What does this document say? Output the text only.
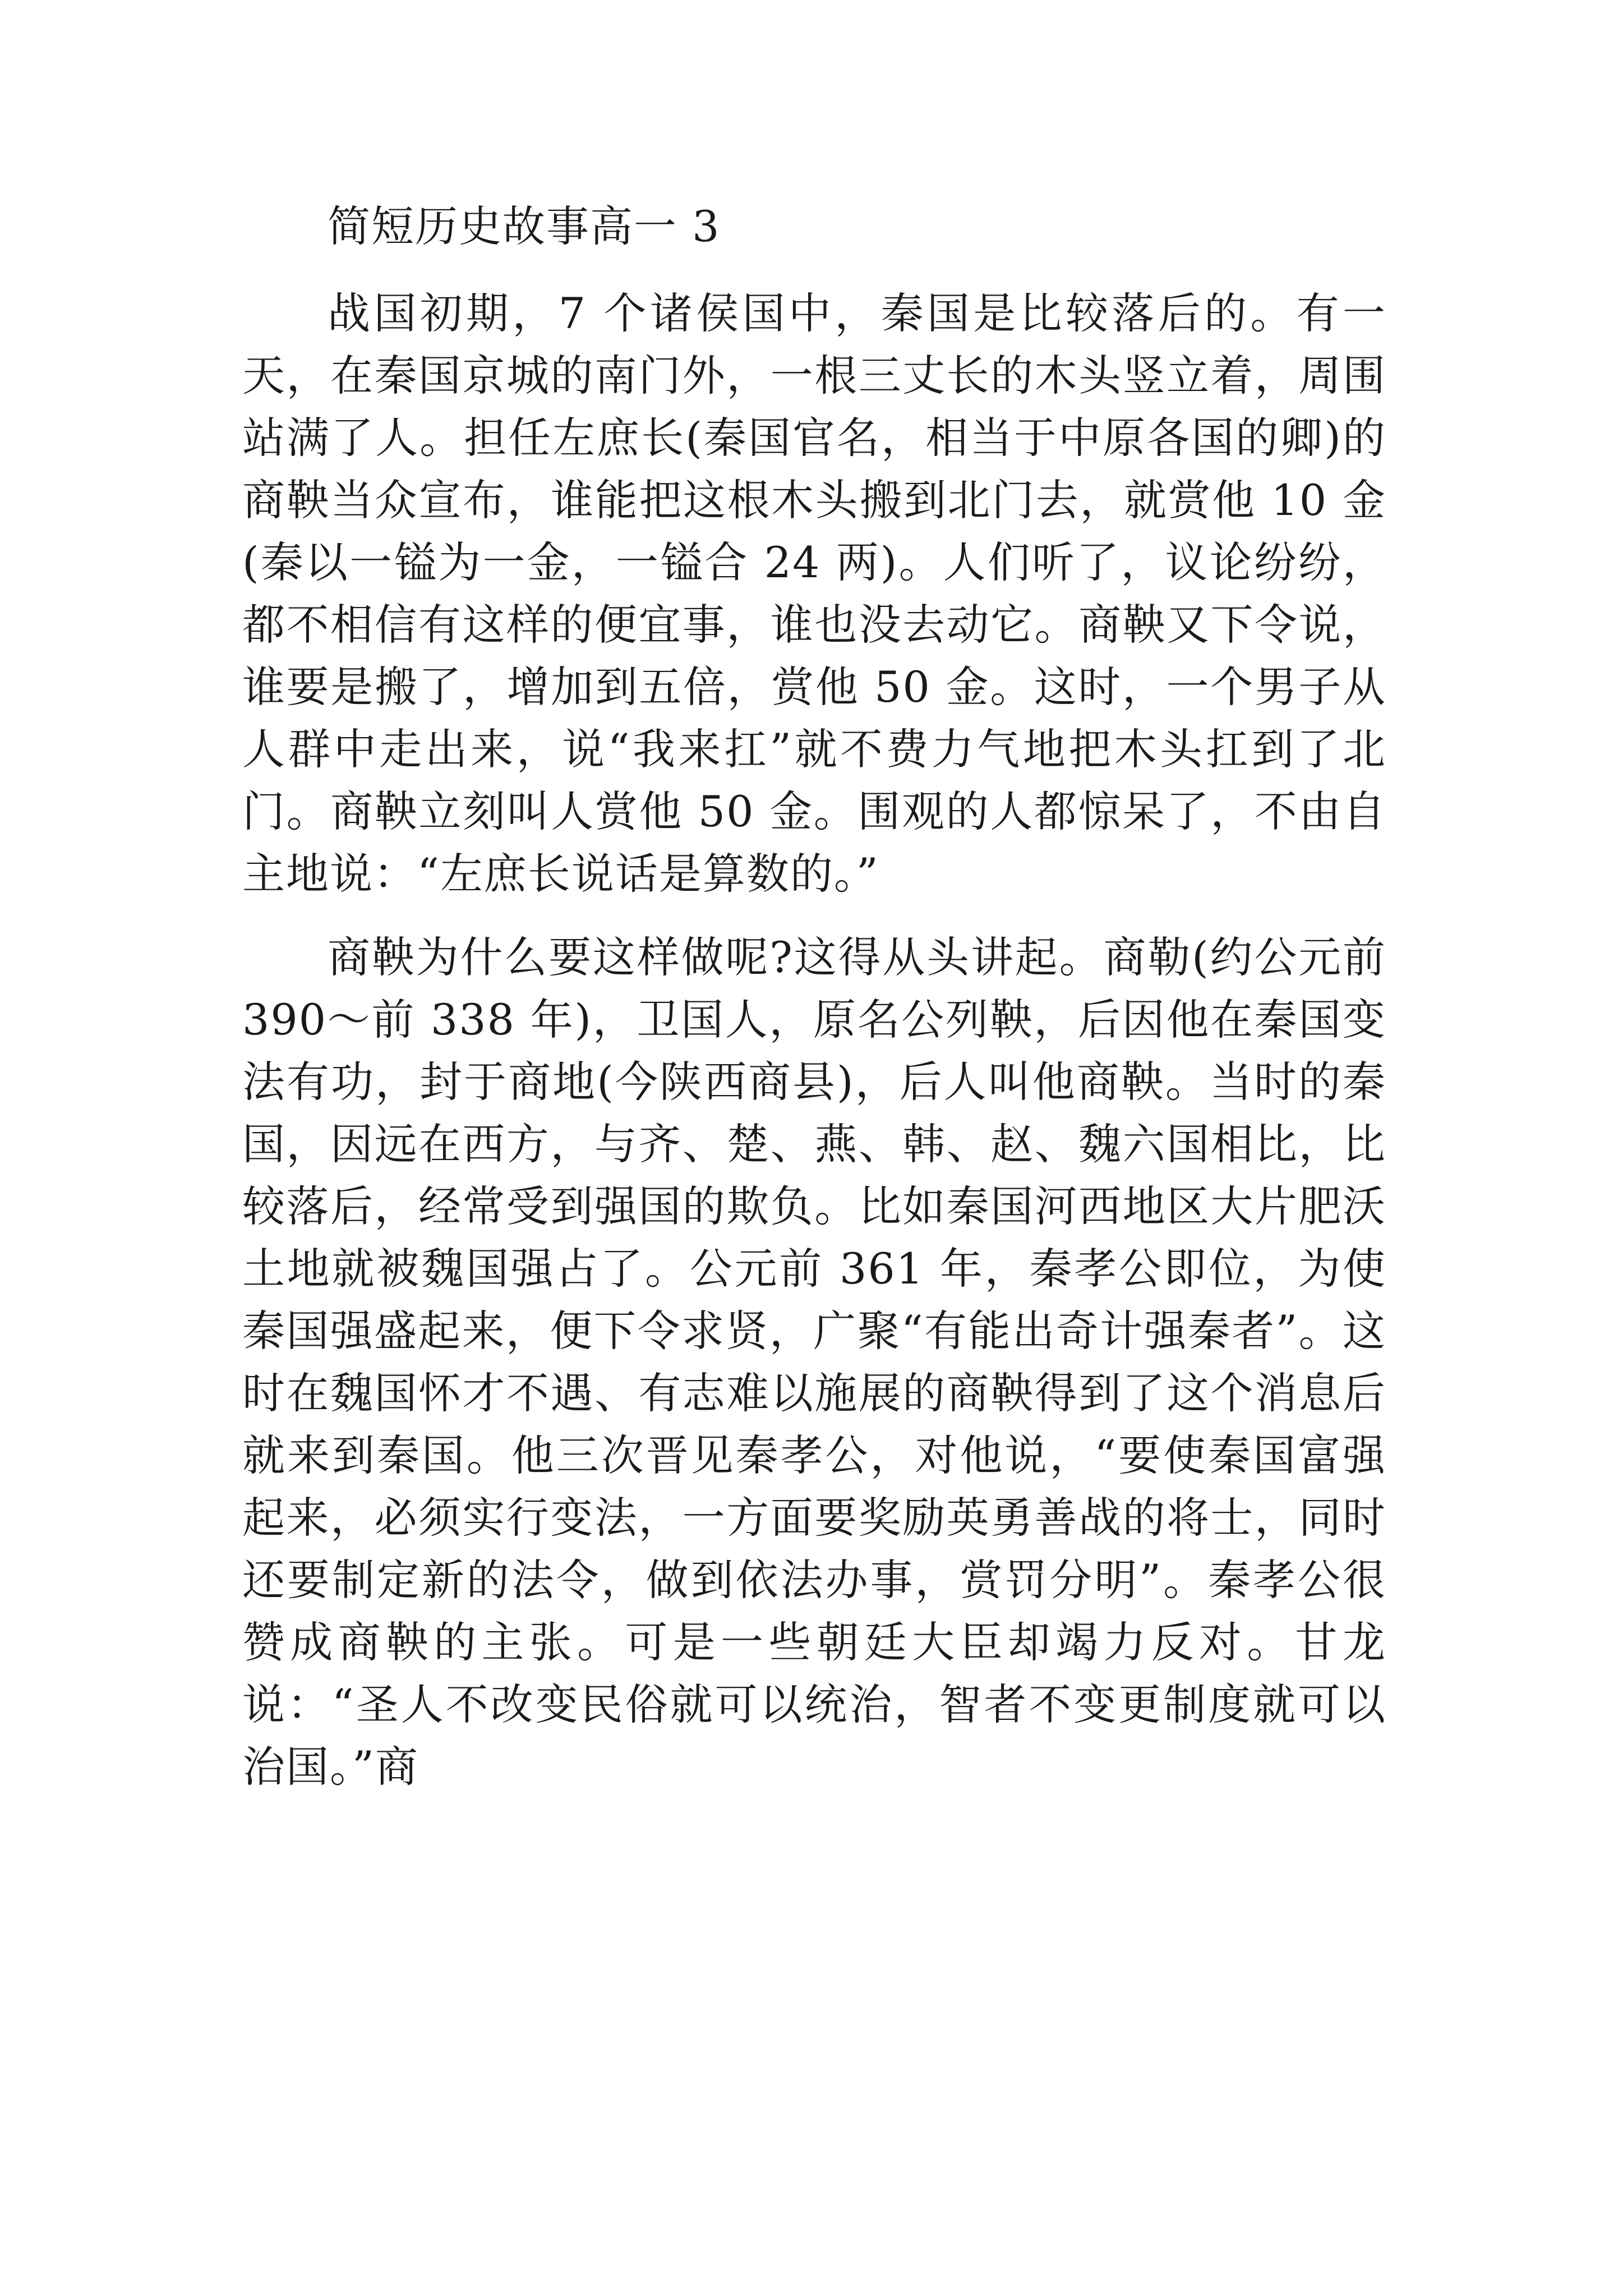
简短历史故事高一 3

战国初期，7 个诸侯国中，秦国是比较落后的。有一天，在秦国京城的南门外，一根三丈长的木头竖立着，周围站满了人。担任左庶长(秦国官名，相当于中原各国的卿)的商鞅当众宣布，谁能把这根木头搬到北门去，就赏他 10 金(秦以一镒为一金，一镒合 24 两)。人们听了，议论纷纷，都不相信有这样的便宜事，谁也没去动它。商鞅又下令说，谁要是搬了，增加到五倍，赏他 50 金。这时，一个男子从人群中走出来，说“我来扛”就不费力气地把木头扛到了北门。商鞅立刻叫人赏他 50 金。围观的人都惊呆了，不由自主地说：“左庶长说话是算数的。”

商鞅为什么要这样做呢?这得从头讲起。商勒(约公元前 390～前 338 年)，卫国人，原名公列鞅，后因他在秦国变法有功，封于商地(今陕西商县)，后人叫他商鞅。当时的秦国，因远在西方，与齐、楚、燕、韩、赵、魏六国相比，比较落后，经常受到强国的欺负。比如秦国河西地区大片肥沃土地就被魏国强占了。公元前 361 年，秦孝公即位，为使秦国强盛起来，便下令求贤，广聚“有能出奇计强秦者”。这时在魏国怀才不遇、有志难以施展的商鞅得到了这个消息后就来到秦国。他三次晋见秦孝公，对他说，“要使秦国富强起来，必须实行变法，一方面要奖励英勇善战的将士，同时还要制定新的法令，做到依法办事，赏罚分明”。秦孝公很赞成商鞅的主张。可是一些朝廷大臣却竭力反对。甘龙说：“圣人不改变民俗就可以统治，智者不变更制度就可以治国。”商
